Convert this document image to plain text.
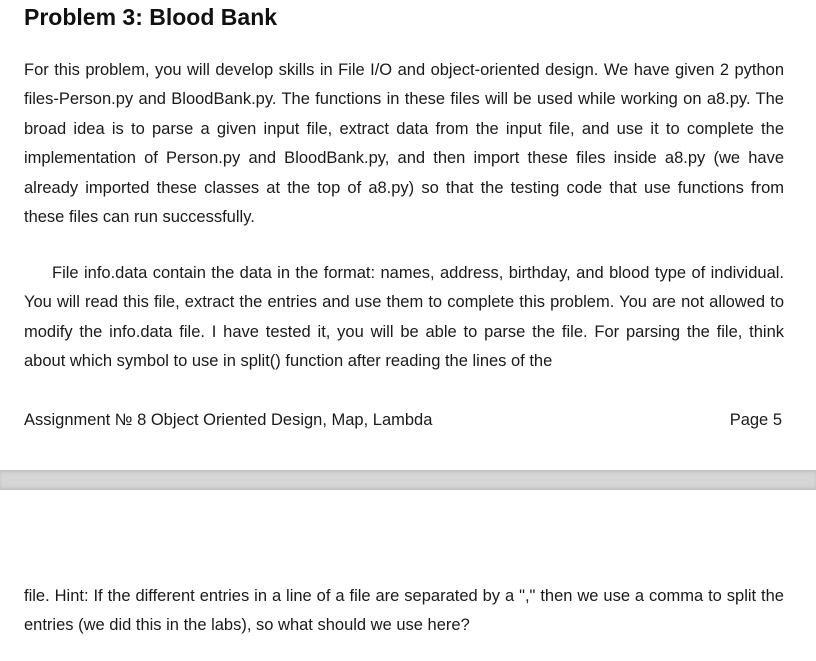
Problem 3: Blood Bank

For this problem, you will develop skills in File I/O and object-oriented design. We have given 2 python files-Person.py and BloodBank.py. The functions in these files will be used while working on a8.py. The broad idea is to parse a given input file, extract data from the input file, and use it to complete the implementation of Person.py and BloodBank.py, and then import these files inside a8.py (we have already imported these classes at the top of a8.py) so that the testing code that use functions from these files can run successfully.

File info.data contain the data in the format: names, address, birthday, and blood type of individual. You will read this file, extract the entries and use them to complete this problem. You are not allowed to modify the info.data file. I have tested it, you will be able to parse the file. For parsing the file, think about which symbol to use in split() function after reading the lines of the

Assignment № 8 Object Oriented Design, Map, Lambda	Page 5

file. Hint: If the different entries in a line of a file are separated by a "," then we use a comma to split the entries (we did this in the labs), so what should we use here?
